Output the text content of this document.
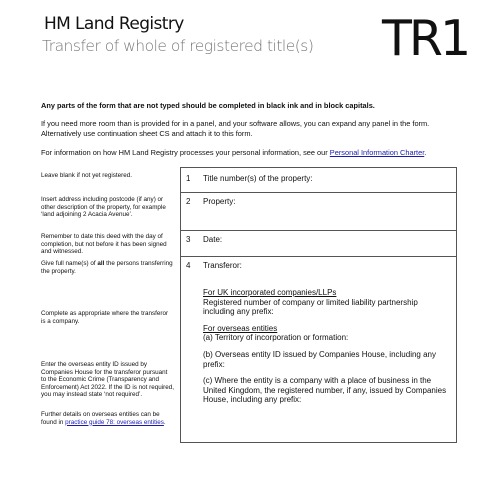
HM Land Registry
Transfer of whole of registered title(s) TR1
Any parts of the form that are not typed should be completed in black ink and in block capitals.
If you need more room than is provided for in a panel, and your software allows, you can expand any panel in the form. Alternatively use continuation sheet CS and attach it to this form.
For information on how HM Land Registry processes your personal information, see our Personal Information Charter.
Leave blank if not yet registered.
Insert address including postcode (if any) or other description of the property, for example ‘land adjoining 2 Acacia Avenue’.
Remember to date this deed with the day of completion, but not before it has been signed and witnessed.
Give full name(s) of all the persons transferring the property.
Complete as appropriate where the transferor is a company.
Enter the overseas entity ID issued by Companies House for the transferor pursuant to the Economic Crime (Transparency and Enforcement) Act 2022. If the ID is not required, you may instead state ‘not required’.
Further details on overseas entities can be found in practice guide 78: overseas entities.
1 Title number(s) of the property:
2 Property:
3 Date:
4 Transferor:
For UK incorporated companies/LLPs
Registered number of company or limited liability partnership including any prefix:
For overseas entities
(a) Territory of incorporation or formation:
(b) Overseas entity ID issued by Companies House, including any prefix:
(c) Where the entity is a company with a place of business in the United Kingdom, the registered number, if any, issued by Companies House, including any prefix:
